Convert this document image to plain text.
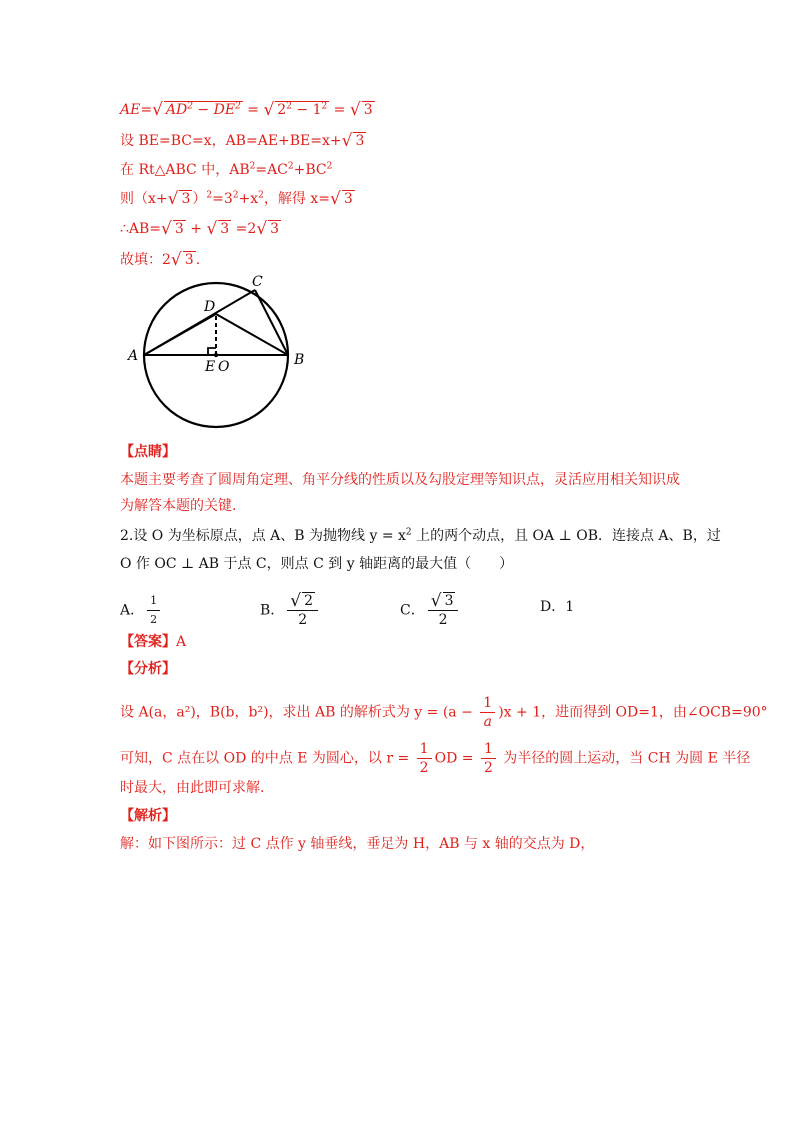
AE=√ $AD^2 - DE^2$ = √ $2^2 - 1^2$ = √ 3
设 BE=BC=x，AB=AE+BE=x+√ 3
在 Rt△ABC 中，$AB^2=AC^2+BC^2$
则（x+√ 3 ）$^2=3^2+x^2$，解得 x=√ 3
∴AB=√ 3 + √ 3 =2√ 3
故填：2√ 3 .
A	B
C
D
E O
【点睛】
本题主要考查了圆周角定理、角平分线的性质以及勾股定理等知识点，灵活应用相关知识成
为解答本题的关键.
2.设 O 为坐标原点，点 A、B 为抛物线 $y = x^2$ 上的两个动点，且 OA ⊥ OB．连接点 A、B，过
O 作 OC ⊥ AB 于点 C，则点 C 到 y 轴距离的最大值（　　）
A． $\frac{1}{2}$	B． $\frac{√ 2}{2}$	C． $\frac{√ 3}{2}$	D．1
【答案】A
【分析】
设 A(a，a²)，B(b，b²)，求出 AB 的解析式为 $y = (a - \frac{1}{a} )x + 1$，进而得到 OD=1，由∠OCB=90°
可知，C 点在以 OD 的中点 E 为圆心，以 $r = \frac{1}{2}$ OD = $\frac{1}{2}$ 为半径的圆上运动，当 CH 为圆 E 半径
时最大，由此即可求解.
【解析】
解：如下图所示：过 C 点作 y 轴垂线，垂足为 H，AB 与 x 轴的交点为 D，
